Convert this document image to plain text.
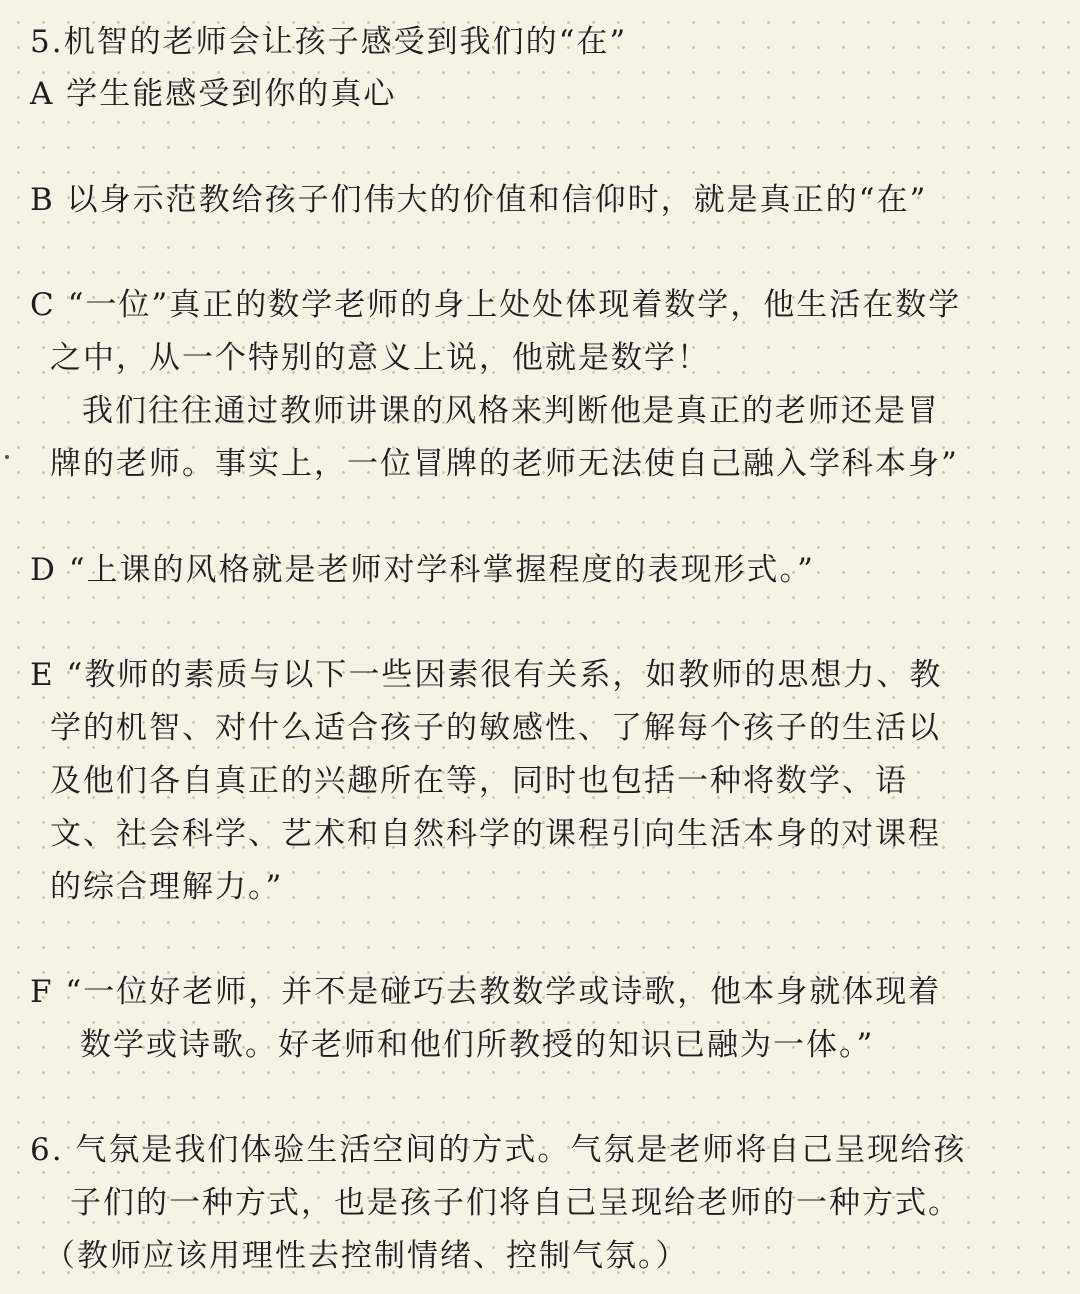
5.机智的老师会让孩子感受到我们的“在”
A 学生能感受到你的真心
B 以身示范教给孩子们伟大的价值和信仰时，就是真正的“在”
C “一位”真正的数学老师的身上处处体现着数学，他生活在数学
之中，从一个特别的意义上说，他就是数学！
我们往往通过教师讲课的风格来判断他是真正的老师还是冒
牌的老师。事实上，一位冒牌的老师无法使自己融入学科本身”
D “上课的风格就是老师对学科掌握程度的表现形式。”
E “教师的素质与以下一些因素很有关系，如教师的思想力、教
学的机智、对什么适合孩子的敏感性、了解每个孩子的生活以
及他们各自真正的兴趣所在等，同时也包括一种将数学、语
文、社会科学、艺术和自然科学的课程引向生活本身的对课程
的综合理解力。”
F “一位好老师，并不是碰巧去教数学或诗歌，他本身就体现着
数学或诗歌。好老师和他们所教授的知识已融为一体。”
6. 气氛是我们体验生活空间的方式。气氛是老师将自己呈现给孩
子们的一种方式，也是孩子们将自己呈现给老师的一种方式。
（教师应该用理性去控制情绪、控制气氛。）
